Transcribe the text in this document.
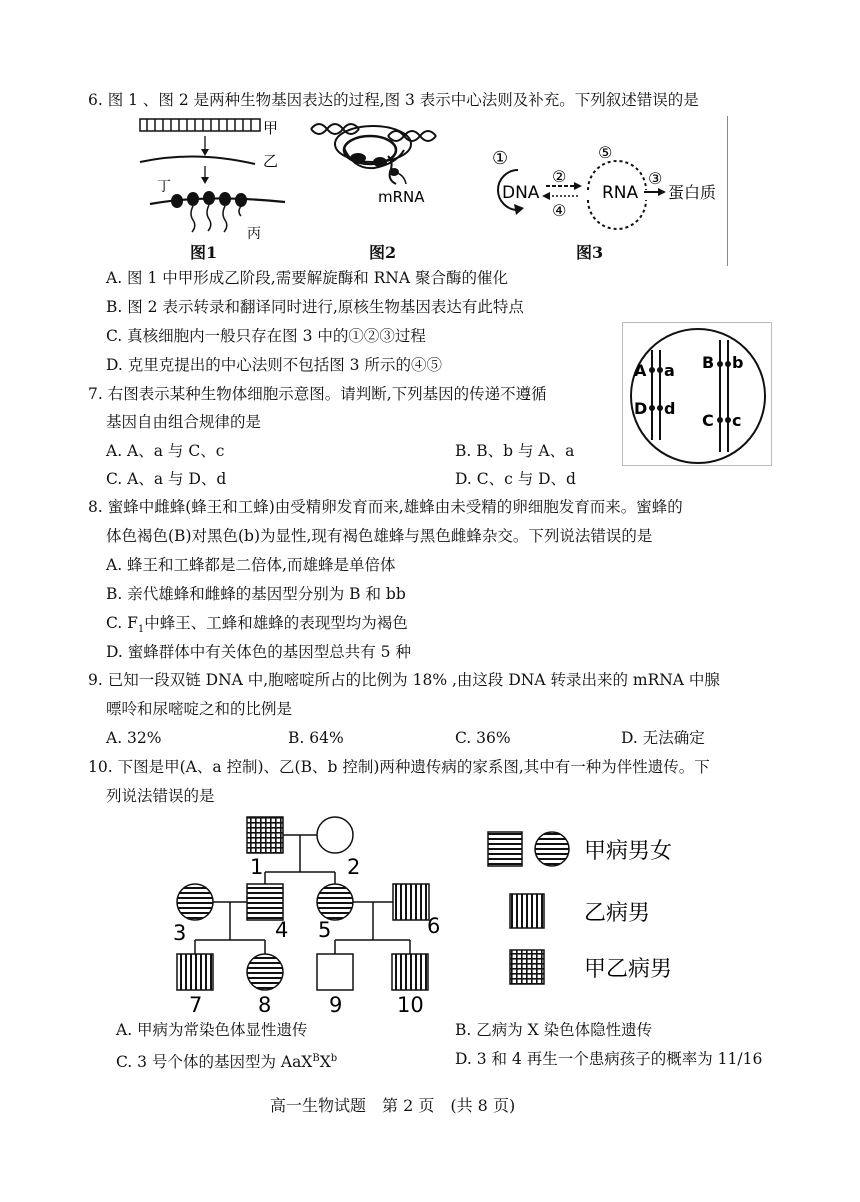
6. 图 1 、图 2 是两种生物基因表达的过程,图 3 表示中心法则及补充。下列叙述错误的是
甲
乙
丁
丙
图1
mRNA
图2
①
DNA
②
④
RNA
⑤
③
蛋白质
图3
A. 图 1 中甲形成乙阶段,需要解旋酶和 RNA 聚合酶的催化
B. 图 2 表示转录和翻译同时进行,原核生物基因表达有此特点
C. 真核细胞内一般只存在图 3 中的①②③过程
D. 克里克提出的中心法则不包括图 3 所示的④⑤	A a
D d
B b
C c
7. 右图表示某种生物体细胞示意图。请判断,下列基因的传递不遵循
基因自由组合规律的是
A. A、a 与 C、c	B. B、b 与 A、a
C. A、a 与 D、d	D. C、c 与 D、d
8. 蜜蜂中雌蜂(蜂王和工蜂)由受精卵发育而来,雄蜂由未受精的卵细胞发育而来。蜜蜂的
体色褐色(B)对黑色(b)为显性,现有褐色雄蜂与黑色雌蜂杂交。下列说法错误的是
A. 蜂王和工蜂都是二倍体,而雄蜂是单倍体
B. 亲代雄蜂和雌蜂的基因型分别为 B 和 bb
C. $F_1$中蜂王、工蜂和雄蜂的表现型均为褐色
D. 蜜蜂群体中有关体色的基因型总共有 5 种
9. 已知一段双链 DNA 中,胞嘧啶所占的比例为 18% ,由这段 DNA 转录出来的 mRNA 中腺
嘌呤和尿嘧啶之和的比例是
A. 32%	B. 64%	C. 36%	D. 无法确定
10. 下图是甲(A、a 控制)、乙(B、b 控制)两种遗传病的家系图,其中有一种为伴性遗传。下
列说法错误的是
1	2
3	4 5	6
7	8	9	10
甲病男女
乙病男
甲乙病男
A. 甲病为常染色体显性遗传	B. 乙病为 X 染色体隐性遗传
C. 3 号个体的基因型为 $AaX^BX^b$	D. 3 和 4 再生一个患病孩子的概率为 11/16
高一生物试题　第 2 页　(共 8 页)
